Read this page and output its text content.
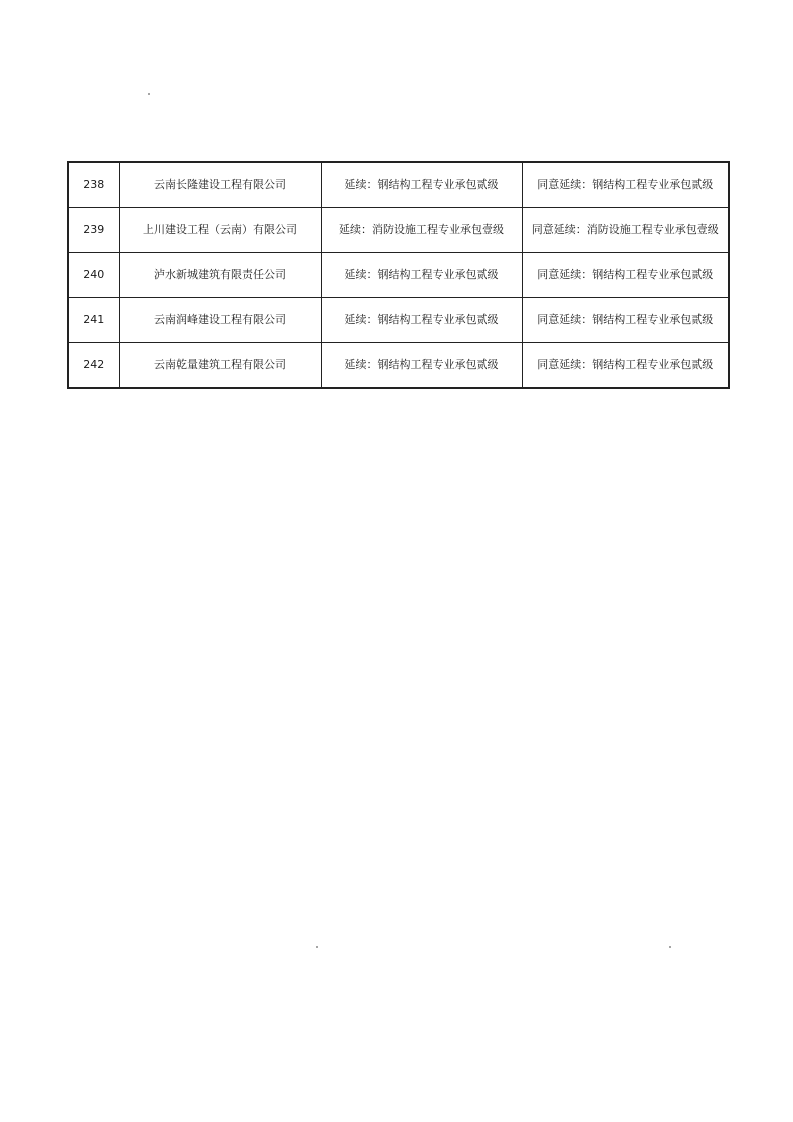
238	云南长隆建设工程有限公司	延续：钢结构工程专业承包贰级	同意延续：钢结构工程专业承包贰级
239	上川建设工程（云南）有限公司	延续：消防设施工程专业承包壹级	同意延续：消防设施工程专业承包壹级
240	泸水新城建筑有限责任公司	延续：钢结构工程专业承包贰级	同意延续：钢结构工程专业承包贰级
241	云南润峰建设工程有限公司	延续：钢结构工程专业承包贰级	同意延续：钢结构工程专业承包贰级
242	云南乾量建筑工程有限公司	延续：钢结构工程专业承包贰级	同意延续：钢结构工程专业承包贰级
